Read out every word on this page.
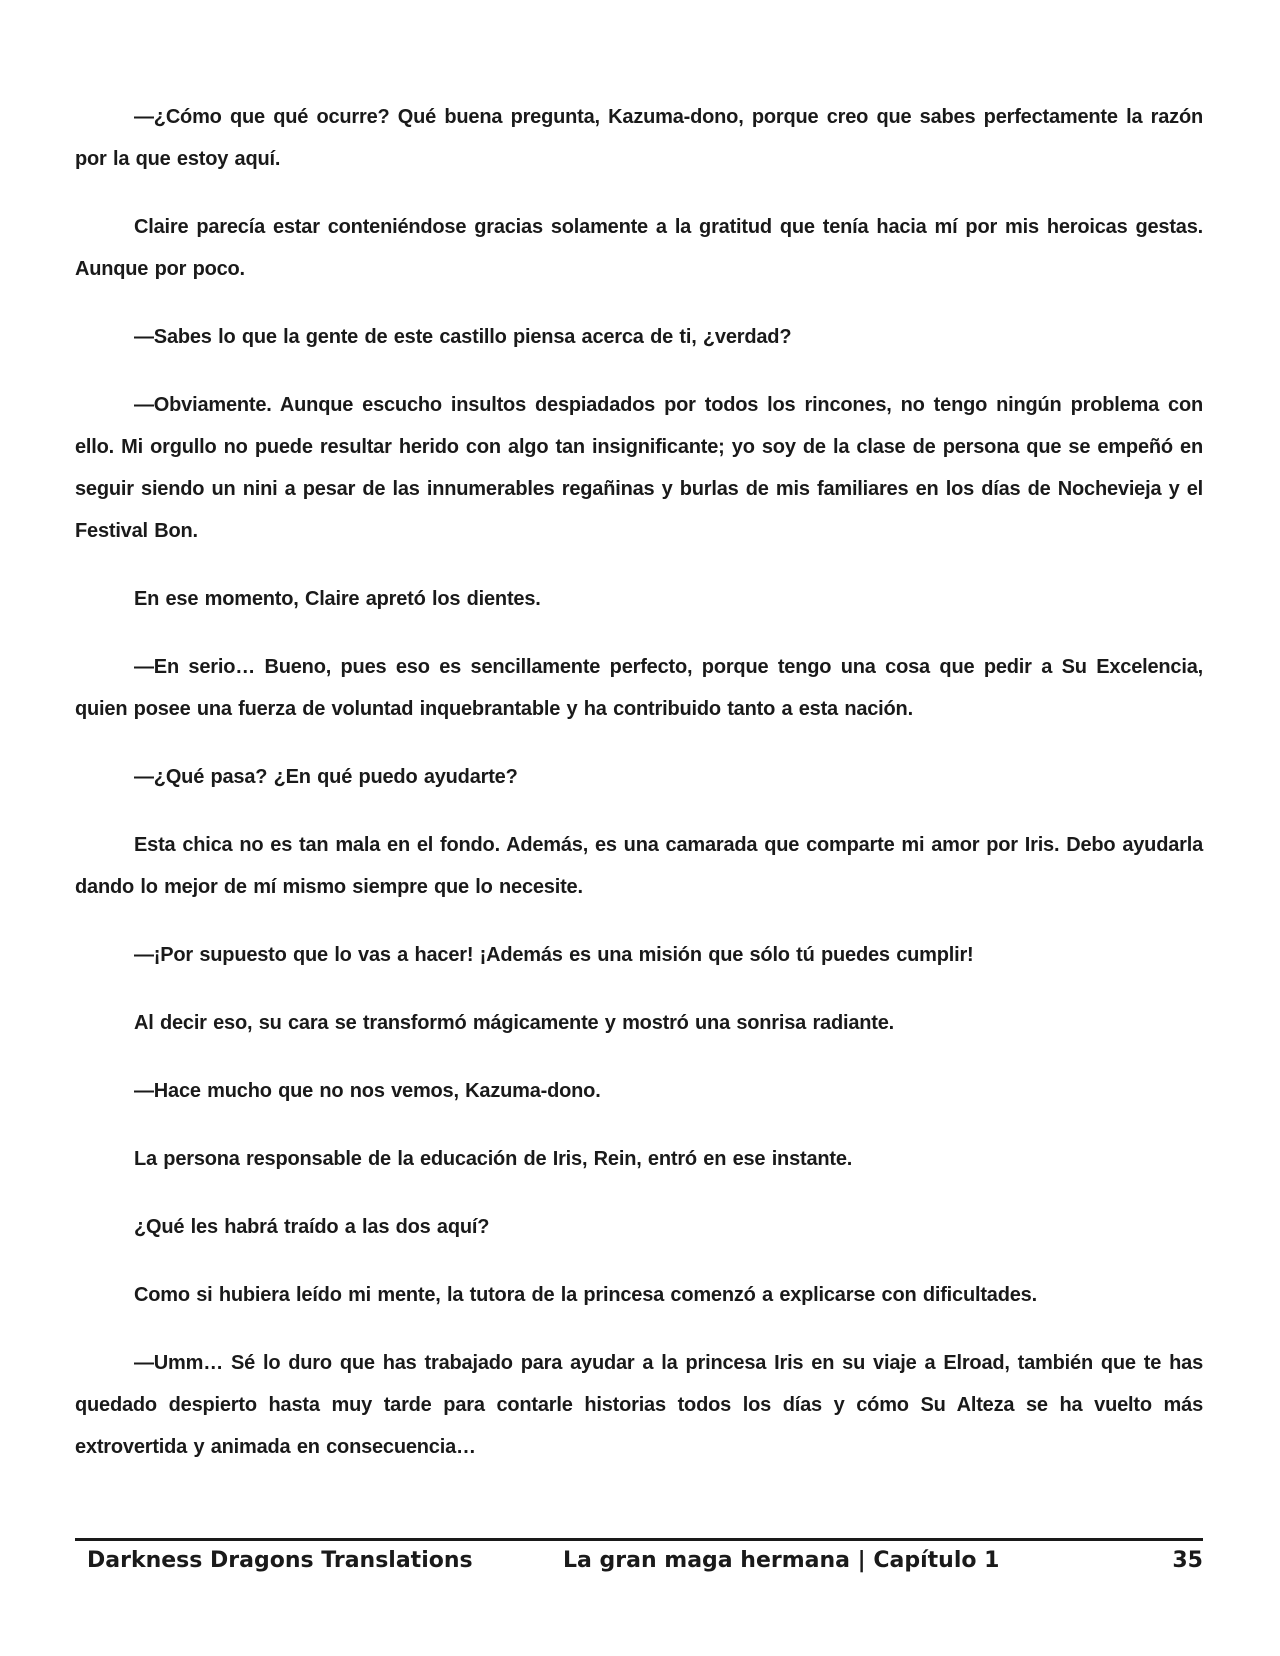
—¿Cómo que qué ocurre? Qué buena pregunta, Kazuma-dono, porque creo que sabes perfectamente la razón por la que estoy aquí.

Claire parecía estar conteniéndose gracias solamente a la gratitud que tenía hacia mí por mis heroicas gestas. Aunque por poco.

—Sabes lo que la gente de este castillo piensa acerca de ti, ¿verdad?

—Obviamente. Aunque escucho insultos despiadados por todos los rincones, no tengo ningún problema con ello. Mi orgullo no puede resultar herido con algo tan insignificante; yo soy de la clase de persona que se empeñó en seguir siendo un nini a pesar de las innumerables regañinas y burlas de mis familiares en los días de Nochevieja y el Festival Bon.

En ese momento, Claire apretó los dientes.

—En serio… Bueno, pues eso es sencillamente perfecto, porque tengo una cosa que pedir a Su Excelencia, quien posee una fuerza de voluntad inquebrantable y ha contribuido tanto a esta nación.

—¿Qué pasa? ¿En qué puedo ayudarte?

Esta chica no es tan mala en el fondo. Además, es una camarada que comparte mi amor por Iris. Debo ayudarla dando lo mejor de mí mismo siempre que lo necesite.

—¡Por supuesto que lo vas a hacer! ¡Además es una misión que sólo tú puedes cumplir!

Al decir eso, su cara se transformó mágicamente y mostró una sonrisa radiante.

—Hace mucho que no nos vemos, Kazuma-dono.

La persona responsable de la educación de Iris, Rein, entró en ese instante.

¿Qué les habrá traído a las dos aquí?

Como si hubiera leído mi mente, la tutora de la princesa comenzó a explicarse con dificultades.

—Umm… Sé lo duro que has trabajado para ayudar a la princesa Iris en su viaje a Elroad, también que te has quedado despierto hasta muy tarde para contarle historias todos los días y cómo Su Alteza se ha vuelto más extrovertida y animada en consecuencia…

Darkness Dragons Translations	La gran maga hermana | Capítulo 1	35
